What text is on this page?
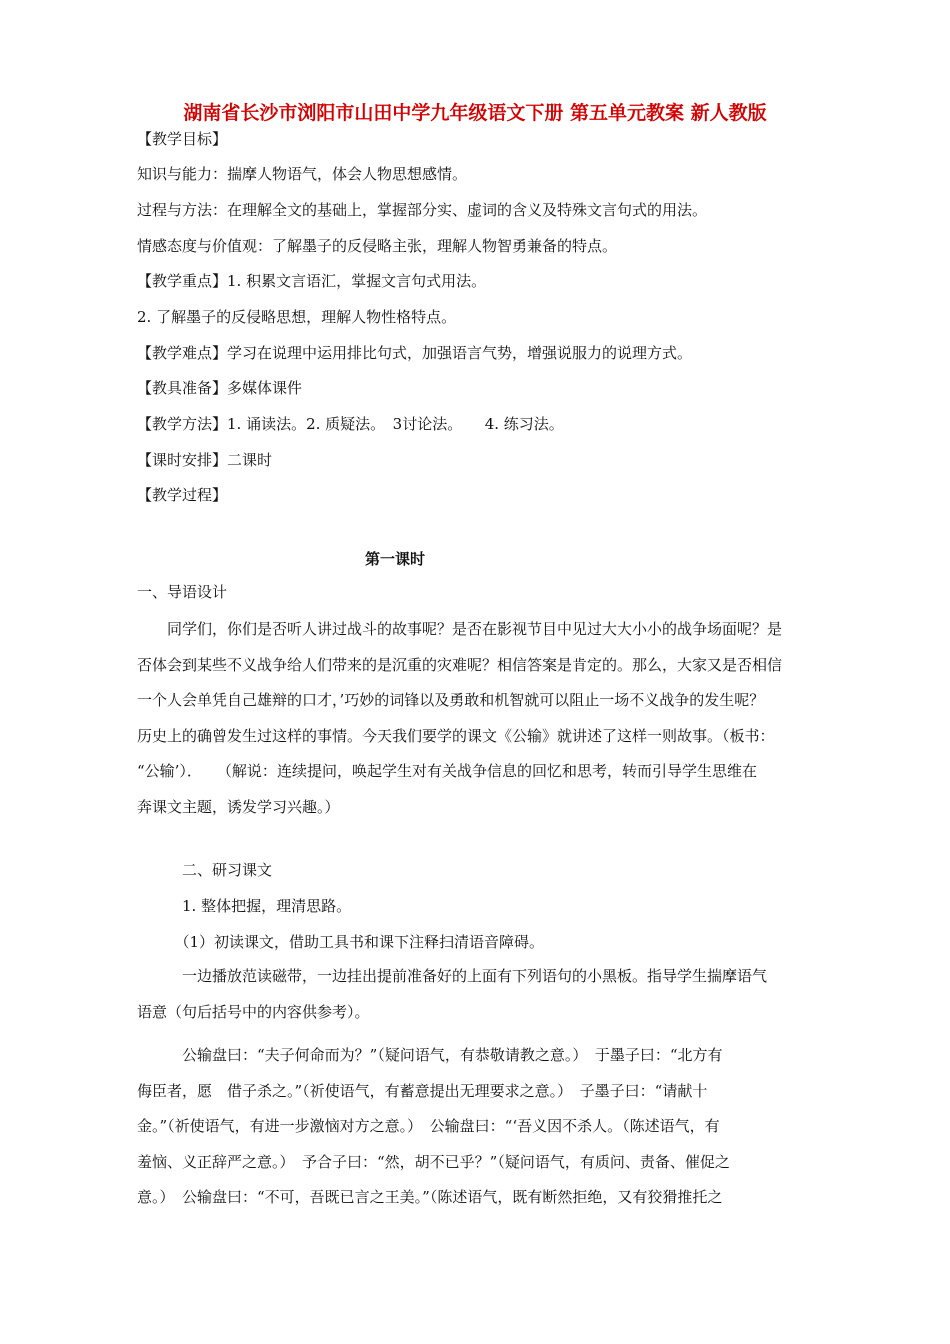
湖南省长沙市浏阳市山田中学九年级语文下册 第五单元教案 新人教版
【教学目标】
知识与能力：揣摩人物语气，体会人物思想感情。
过程与方法：在理解全文的基础上，掌握部分实、虚词的含义及特殊文言句式的用法。
情感态度与价值观：了解墨子的反侵略主张，理解人物智勇兼备的特点。
【教学重点】1. 积累文言语汇，掌握文言句式用法。
2. 了解墨子的反侵略思想，理解人物性格特点。
【教学难点】学习在说理中运用排比句式，加强语言气势，增强说服力的说理方式。
【教具准备】多媒体课件
【教学方法】1. 诵读法。2. 质疑法。　3讨论法。　　4. 练习法。
【课时安排】二课时
【教学过程】
第一课时
一、导语设计
　　同学们，你们是否听人讲过战斗的故事呢？是否在影视节目中见过大大小小的战争场面呢？是
否体会到某些不义战争给人们带来的是沉重的灾难呢？相信答案是肯定的。那么，大家又是否相信
一个人会单凭自己雄辩的口才，’巧妙的词锋以及勇敢和机智就可以阻止一场不义战争的发生呢？
历史上的确曾发生过这样的事情。今天我们要学的课文《公输》就讲述了这样一则故事。（板书：
“公输’）．　　（解说：连续提问，唤起学生对有关战争信息的回忆和思考，转而引导学生思维在
奔课文主题，诱发学习兴趣。）
　　　二、研习课文
　　　1. 整体把握，理清思路。
　　　（1）初读课文，借助工具书和课下注释扫清语音障碍。
　　　一边播放范读磁带，一边挂出提前准备好的上面有下列语句的小黑板。指导学生揣摩语气
语意（句后括号中的内容供参考）。
　　　公输盘曰：“夫子何命而为？”（疑问语气，有恭敬请教之意。）　于墨子曰：“北方有
侮臣者，愿　借子杀之。”（祈使语气，有蓄意提出无理要求之意。）　子墨子曰：“请献十
金。”（祈使语气，有进一步激恼对方之意。）　公输盘曰：“‘吾义因不杀人。（陈述语气，有
羞恼、义正辞严之意。）　予合子曰：“然，胡不已乎？”（疑问语气，有质问、责备、催促之
意。）　公输盘曰：“不可，吾既已言之王美。”（陈述语气，既有断然拒绝，又有狡猾推托之
